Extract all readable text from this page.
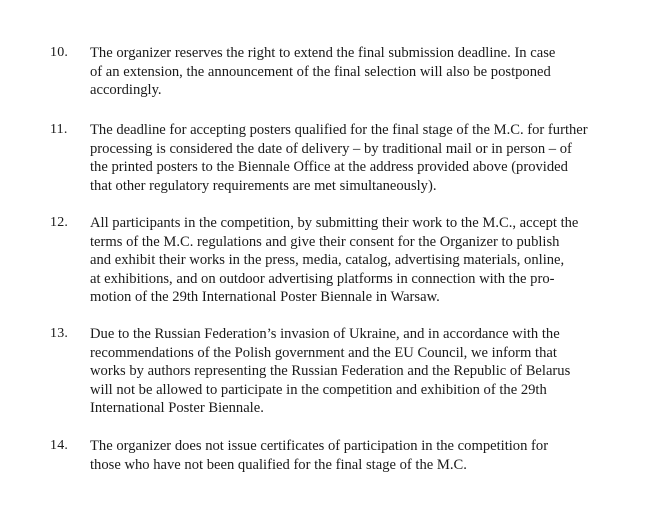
10. The organizer reserves the right to extend the final submission deadline. In case
of an extension, the announcement of the final selection will also be postponed
accordingly.

11. The deadline for accepting posters qualified for the final stage of the M.C. for further
processing is considered the date of delivery – by traditional mail or in person – of
the printed posters to the Biennale Office at the address provided above (provided
that other regulatory requirements are met simultaneously).

12. All participants in the competition, by submitting their work to the M.C., accept the
terms of the M.C. regulations and give their consent for the Organizer to publish
and exhibit their works in the press, media, catalog, advertising materials, online,
at exhibitions, and on outdoor advertising platforms in connection with the pro-
motion of the 29th International Poster Biennale in Warsaw.

13. Due to the Russian Federation’s invasion of Ukraine, and in accordance with the
recommendations of the Polish government and the EU Council, we inform that
works by authors representing the Russian Federation and the Republic of Belarus
will not be allowed to participate in the competition and exhibition of the 29th
International Poster Biennale.

14. The organizer does not issue certificates of participation in the competition for
those who have not been qualified for the final stage of the M.C.
